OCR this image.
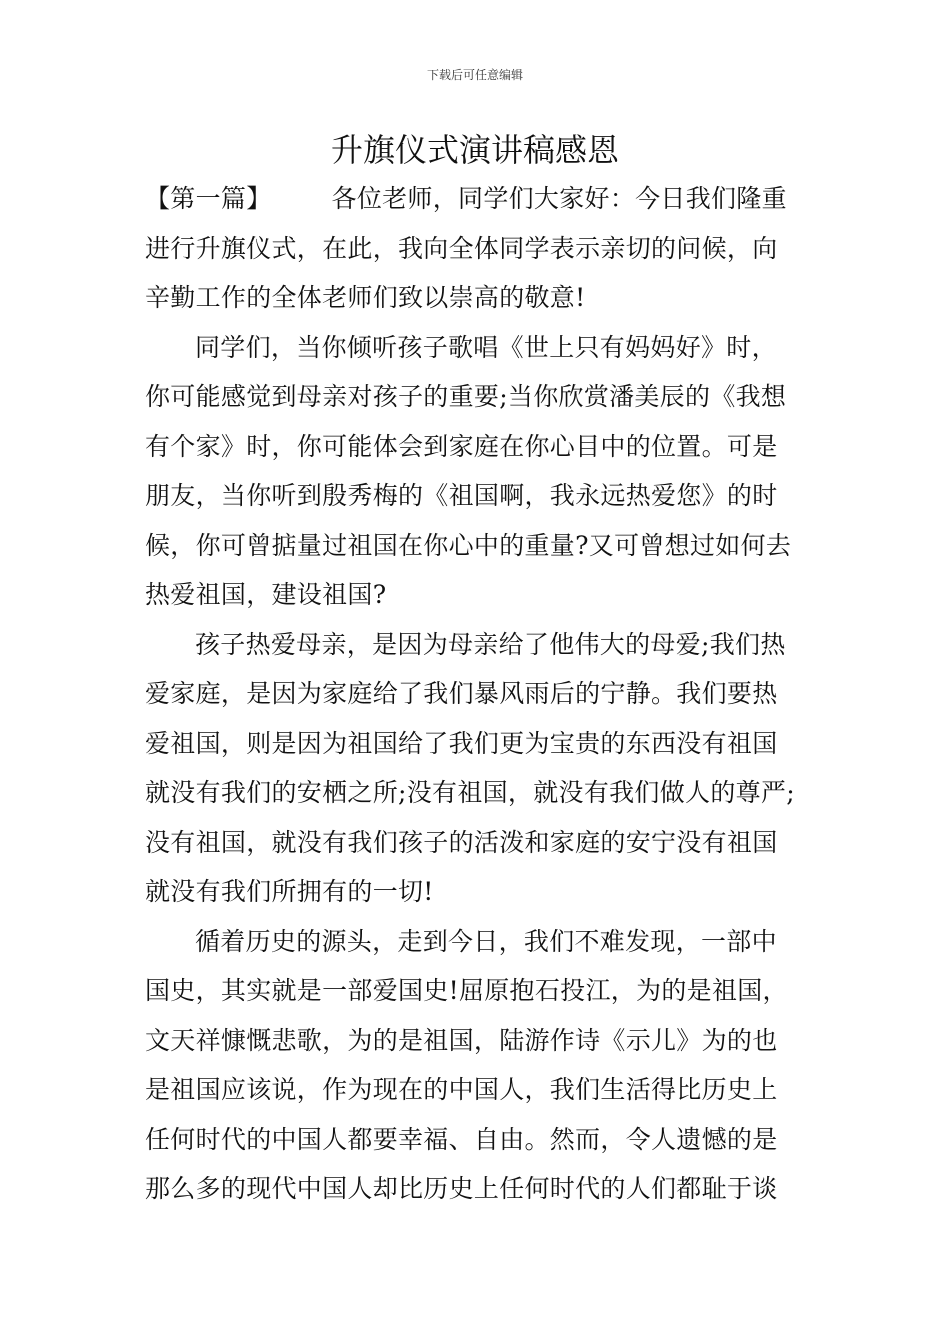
下载后可任意编辑
升旗仪式演讲稿感恩
【第一篇】 各位老师，同学们大家好：今日我们隆重
进行升旗仪式，在此，我向全体同学表示亲切的问候，向
辛勤工作的全体老师们致以崇高的敬意!
同学们，当你倾听孩子歌唱《世上只有妈妈好》时，
你可能感觉到母亲对孩子的重要;当你欣赏潘美辰的《我想
有个家》时，你可能体会到家庭在你心目中的位置。可是
朋友，当你听到殷秀梅的《祖国啊，我永远热爱您》的时
候，你可曾掂量过祖国在你心中的重量?又可曾想过如何去
热爱祖国，建设祖国?
孩子热爱母亲，是因为母亲给了他伟大的母爱;我们热
爱家庭，是因为家庭给了我们暴风雨后的宁静。我们要热
爱祖国，则是因为祖国给了我们更为宝贵的东西没有祖国
就没有我们的安栖之所;没有祖国，就没有我们做人的尊严;
没有祖国，就没有我们孩子的活泼和家庭的安宁没有祖国
就没有我们所拥有的一切!
循着历史的源头，走到今日，我们不难发现，一部中
国史，其实就是一部爱国史!屈原抱石投江，为的是祖国，
文天祥慷慨悲歌，为的是祖国，陆游作诗《示儿》为的也
是祖国应该说，作为现在的中国人，我们生活得比历史上
任何时代的中国人都要幸福、自由。然而，令人遗憾的是
那么多的现代中国人却比历史上任何时代的人们都耻于谈
